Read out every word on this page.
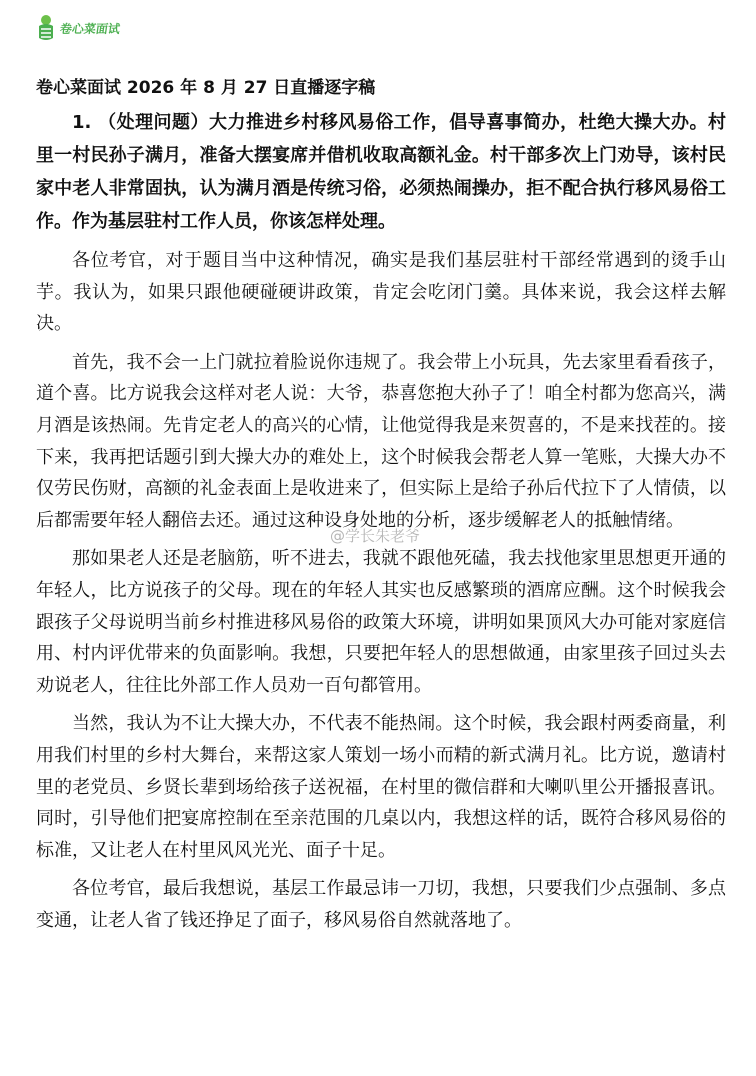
卷心菜面试
卷心菜面试 2026 年 8 月 27 日直播逐字稿

1. （处理问题）大力推进乡村移风易俗工作，倡导喜事简办，杜绝大操大办。村里一村民孙子满月，准备大摆宴席并借机收取高额礼金。村干部多次上门劝导，该村民家中老人非常固执，认为满月酒是传统习俗，必须热闹操办，拒不配合执行移风易俗工作。作为基层驻村工作人员，你该怎样处理。

各位考官，对于题目当中这种情况，确实是我们基层驻村干部经常遇到的烫手山芋。我认为，如果只跟他硬碰硬讲政策，肯定会吃闭门羹。具体来说，我会这样去解决。

首先，我不会一上门就拉着脸说你违规了。我会带上小玩具，先去家里看看孩子，道个喜。比方说我会这样对老人说：大爷，恭喜您抱大孙子了！咱全村都为您高兴，满月酒是该热闹。先肯定老人的高兴的心情，让他觉得我是来贺喜的，不是来找茬的。接下来，我再把话题引到大操大办的难处上，这个时候我会帮老人算一笔账，大操大办不仅劳民伤财，高额的礼金表面上是收进来了，但实际上是给子孙后代拉下了人情债，以后都需要年轻人翻倍去还。通过这种设身处地的分析，逐步缓解老人的抵触情绪。

那如果老人还是老脑筋，听不进去，我就不跟他死磕，我去找他家里思想更开通的年轻人，比方说孩子的父母。现在的年轻人其实也反感繁琐的酒席应酬。这个时候我会跟孩子父母说明当前乡村推进移风易俗的政策大环境，讲明如果顶风大办可能对家庭信用、村内评优带来的负面影响。我想，只要把年轻人的思想做通，由家里孩子回过头去劝说老人，往往比外部工作人员劝一百句都管用。

当然，我认为不让大操大办，不代表不能热闹。这个时候，我会跟村两委商量，利用我们村里的乡村大舞台，来帮这家人策划一场小而精的新式满月礼。比方说，邀请村里的老党员、乡贤长辈到场给孩子送祝福，在村里的微信群和大喇叭里公开播报喜讯。同时，引导他们把宴席控制在至亲范围的几桌以内，我想这样的话，既符合移风易俗的标准，又让老人在村里风风光光、面子十足。

各位考官，最后我想说，基层工作最忌讳一刀切，我想，只要我们少点强制、多点变通，让老人省了钱还挣足了面子，移风易俗自然就落地了。

@学长朱老爷
